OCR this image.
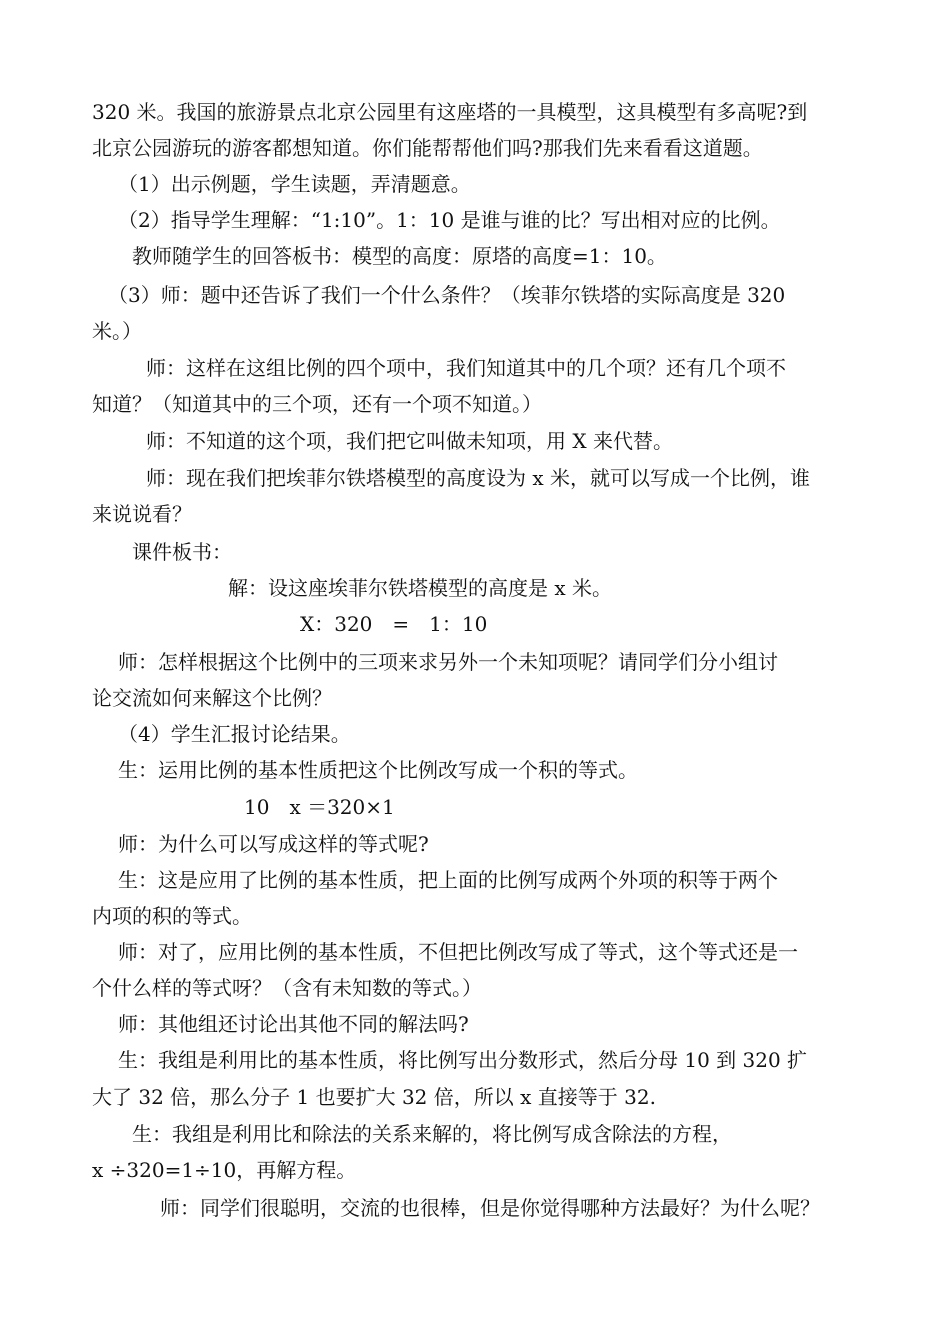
320 米。我国的旅游景点北京公园里有这座塔的一具模型，这具模型有多高呢?到
北京公园游玩的游客都想知道。你们能帮帮他们吗?那我们先来看看这道题。
（1）出示例题，学生读题，弄清题意。
（2）指导学生理解：“1:10”。1：10 是谁与谁的比？写出相对应的比例。
教师随学生的回答板书：模型的高度：原塔的高度=1：10。
（3）师：题中还告诉了我们一个什么条件？（埃菲尔铁塔的实际高度是 320
米。）
师：这样在这组比例的四个项中，我们知道其中的几个项？还有几个项不
知道？（知道其中的三个项，还有一个项不知道。）
师：不知道的这个项，我们把它叫做未知项，用 X 来代替。
师：现在我们把埃菲尔铁塔模型的高度设为 x 米，就可以写成一个比例，谁
来说说看？
课件板书：
解：设这座埃菲尔铁塔模型的高度是 x 米。
X：320　=　1：10
师：怎样根据这个比例中的三项来求另外一个未知项呢？请同学们分小组讨
论交流如何来解这个比例？
（4）学生汇报讨论结果。
生：运用比例的基本性质把这个比例改写成一个积的等式。
10　x ＝320×1
师：为什么可以写成这样的等式呢?
生：这是应用了比例的基本性质，把上面的比例写成两个外项的积等于两个
内项的积的等式。
师：对了，应用比例的基本性质，不但把比例改写成了等式，这个等式还是一
个什么样的等式呀？（含有未知数的等式。）
师：其他组还讨论出其他不同的解法吗?
生：我组是利用比的基本性质，将比例写出分数形式，然后分母 10 到 320 扩
大了 32 倍，那么分子 1 也要扩大 32 倍，所以 x 直接等于 32.
生：我组是利用比和除法的关系来解的，将比例写成含除法的方程，
x ÷320=1÷10，再解方程。
师：同学们很聪明，交流的也很棒，但是你觉得哪种方法最好？为什么呢？
